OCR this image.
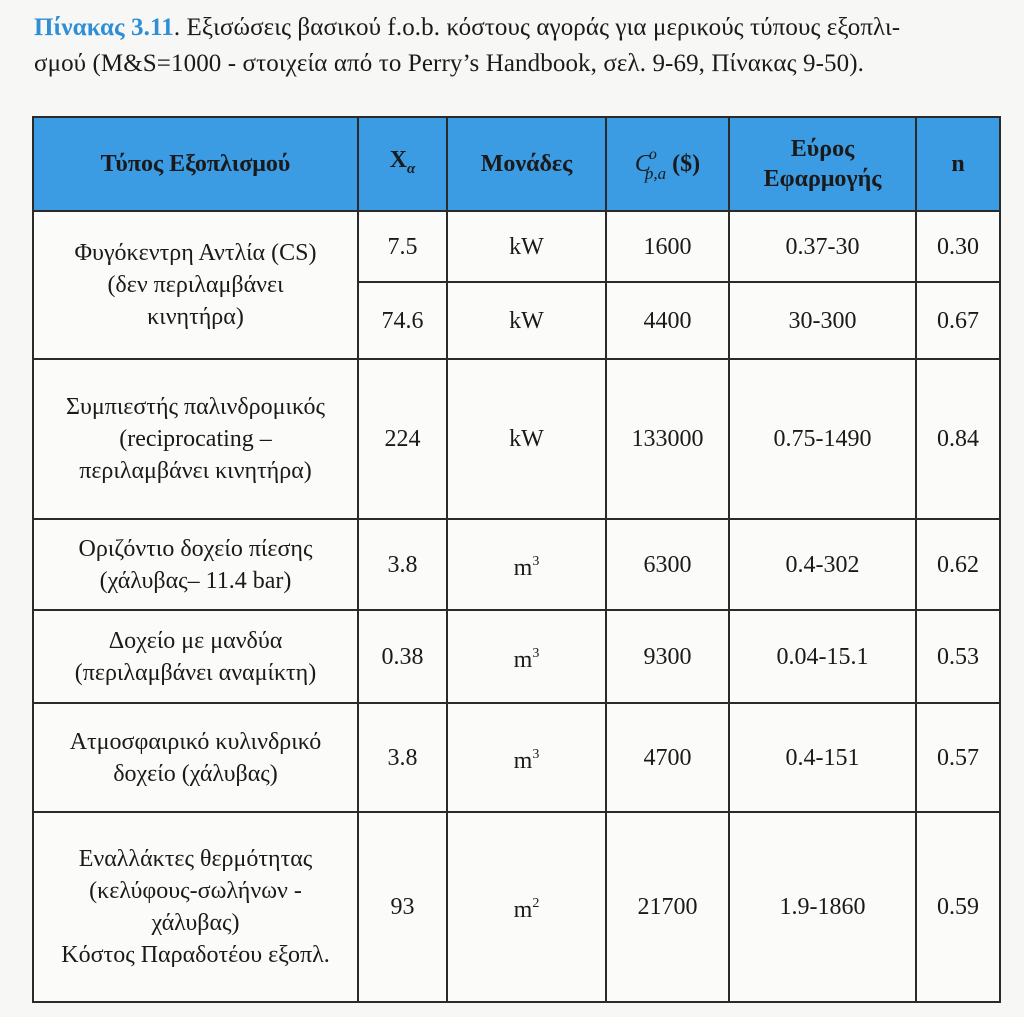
Πίνακας 3.11. Εξισώσεις βασικού f.o.b. κόστους αγοράς για μερικούς τύπους εξοπλι-
σμού (M&S=1000 - στοιχεία από το Perry’s Handbook, σελ. 9-69, Πίνακας 9-50).
Τύπος Εξοπλισμού	$X_\alpha$	Μονάδες	$C^o_{p,a}$ ($)	Εύρος
Εφαρμογής	n
Φυγόκεντρη Αντλία (CS)
(δεν περιλαμβάνει
κινητήρα)	7.5	kW	1600	0.37-30	0.30
	74.6	kW	4400	30-300	0.67
Συμπιεστής παλινδρομικός
(reciprocating –
περιλαμβάνει κινητήρα)	224	kW	133000	0.75-1490	0.84
Οριζόντιο δοχείο πίεσης
(χάλυβας– 11.4 bar)	3.8	$m^3$	6300	0.4-302	0.62
Δοχείο με μανδύα
(περιλαμβάνει αναμίκτη)	0.38	$m^3$	9300	0.04-15.1	0.53
Ατμοσφαιρικό κυλινδρικό
δοχείο (χάλυβας)	3.8	$m^3$	4700	0.4-151	0.57
Εναλλάκτες θερμότητας
(κελύφους-σωλήνων -
χάλυβας)
Κόστος Παραδοτέου εξοπλ.	93	$m^2$	21700	1.9-1860	0.59
